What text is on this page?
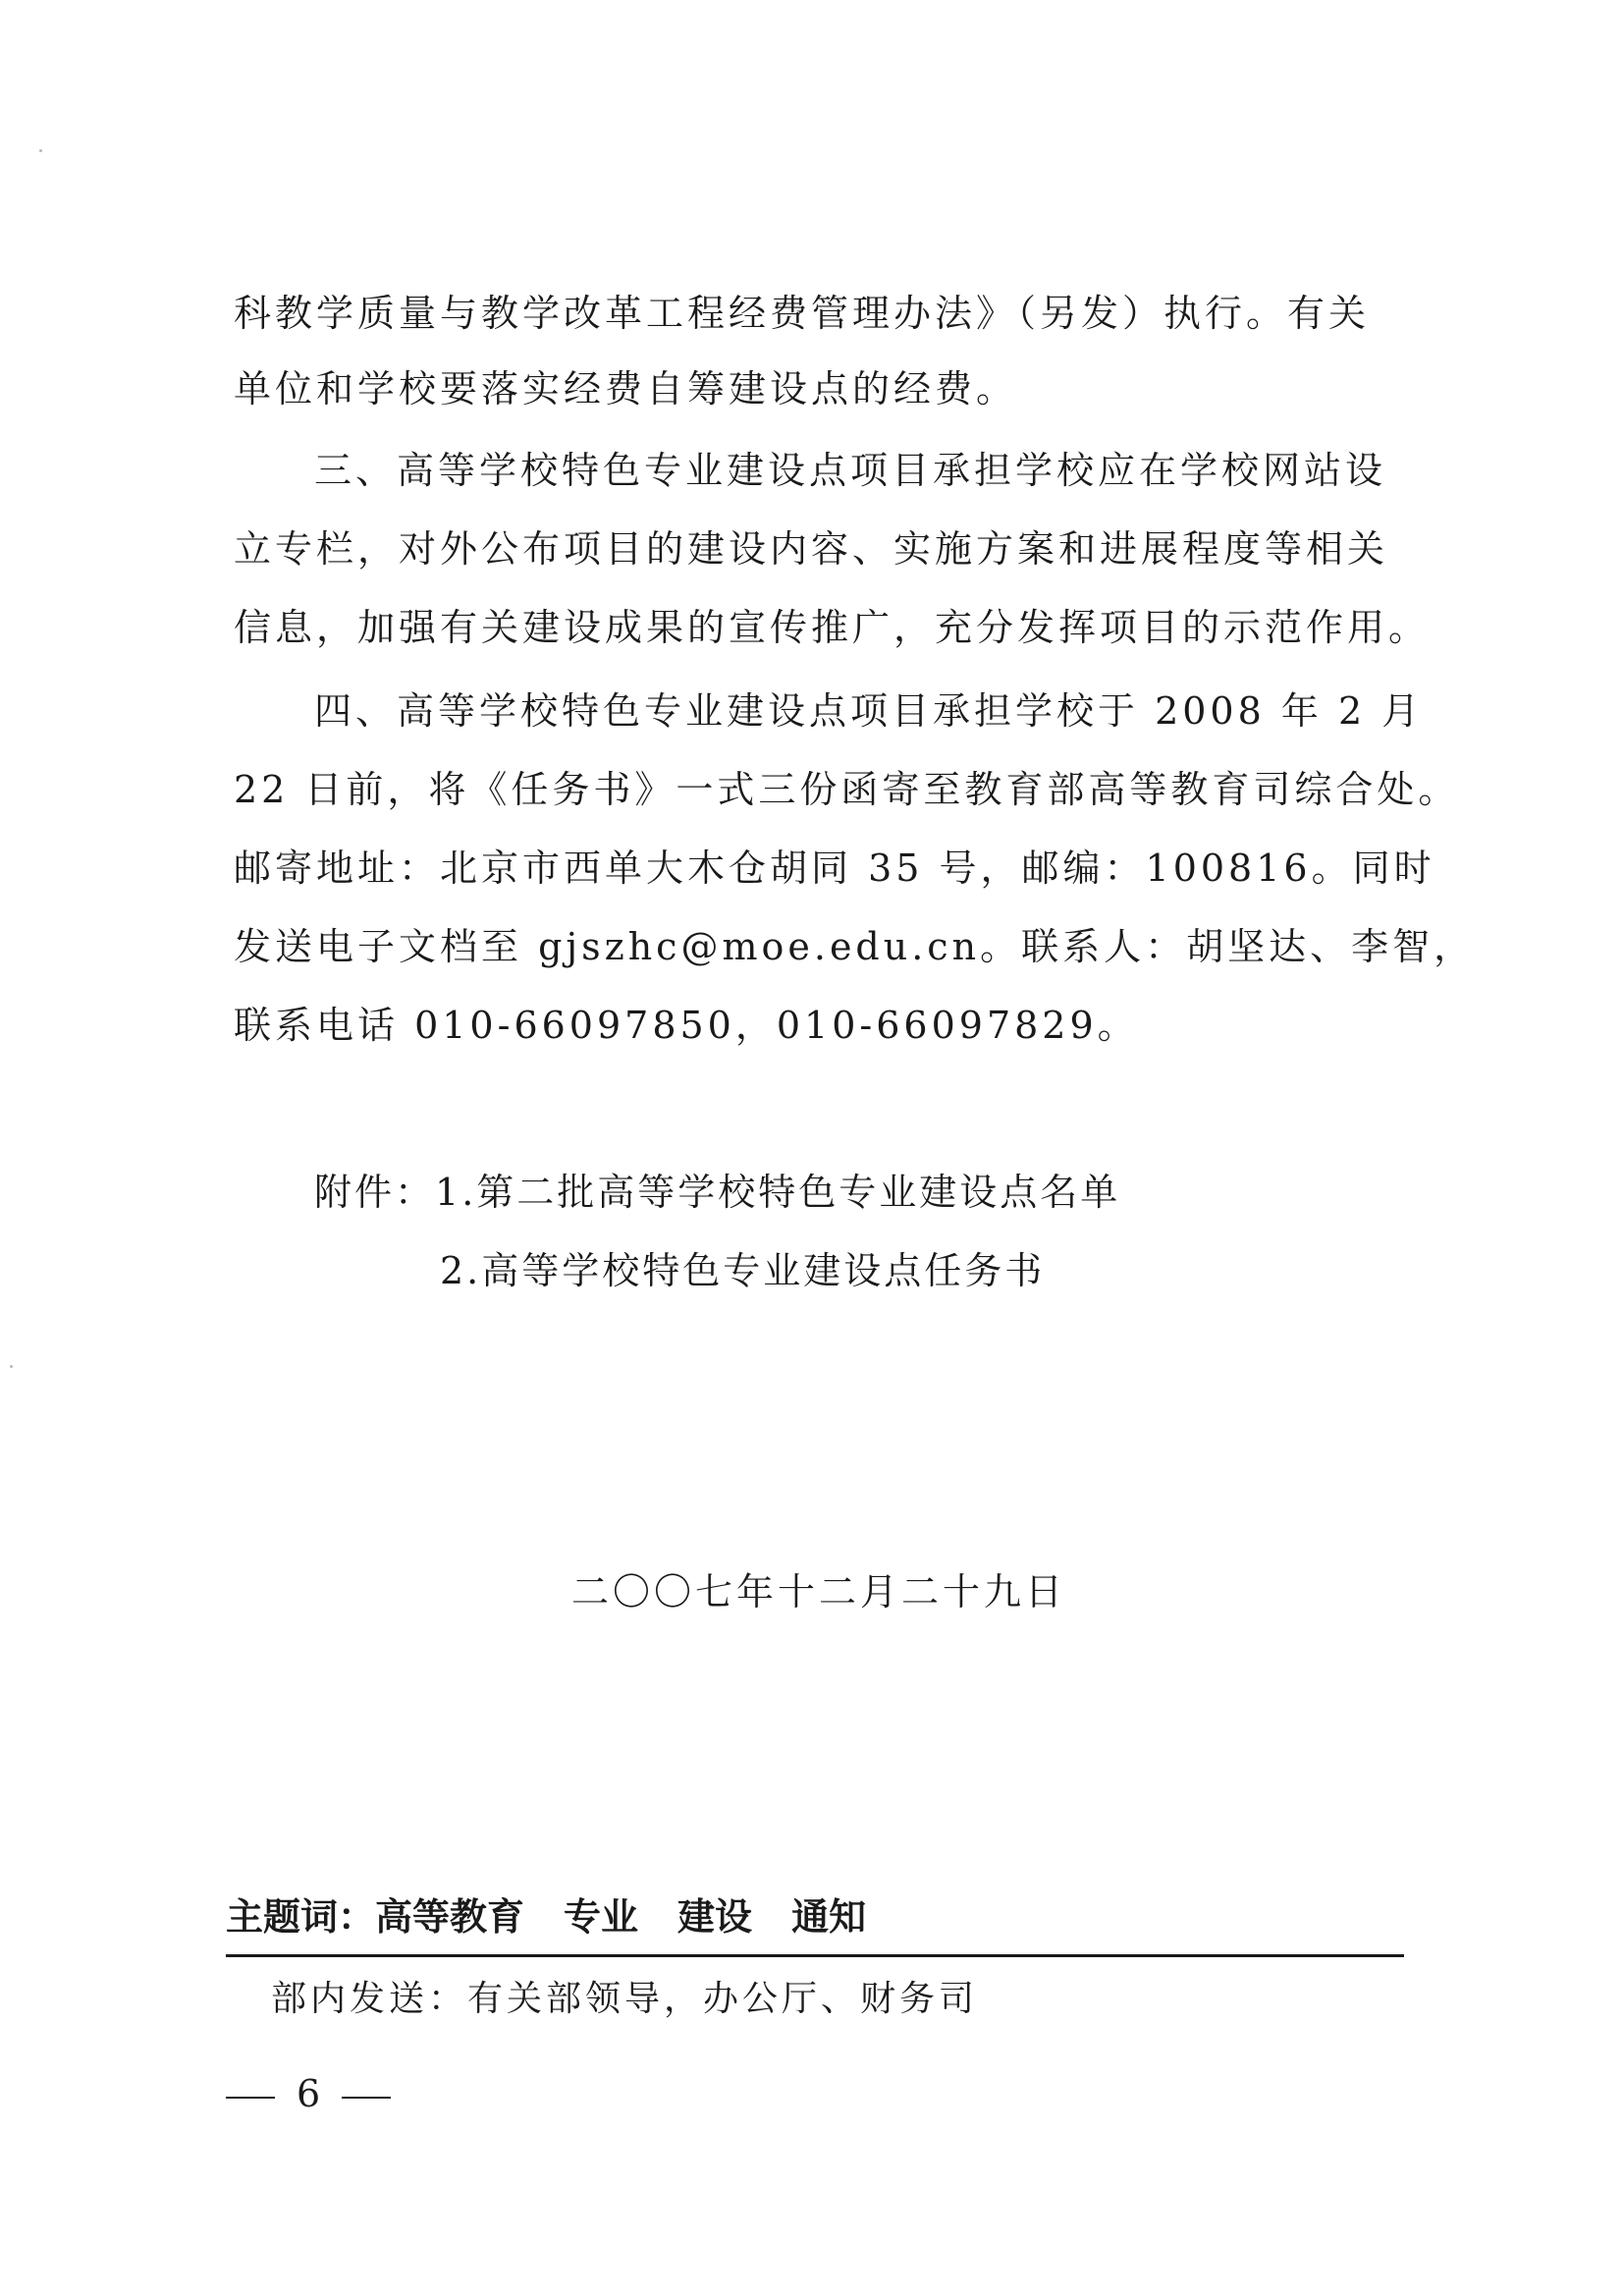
科教学质量与教学改革工程经费管理办法》（另发）执行。有关
单位和学校要落实经费自筹建设点的经费。
三、高等学校特色专业建设点项目承担学校应在学校网站设
立专栏，对外公布项目的建设内容、实施方案和进展程度等相关
信息，加强有关建设成果的宣传推广，充分发挥项目的示范作用。
四、高等学校特色专业建设点项目承担学校于 2008 年 2 月
22 日前，将《任务书》一式三份函寄至教育部高等教育司综合处。
邮寄地址：北京市西单大木仓胡同 35 号，邮编：100816。同时
发送电子文档至 gjszhc@moe.edu.cn。联系人：胡坚达、李智，
联系电话 010-66097850，010-66097829。
附件：1.第二批高等学校特色专业建设点名单
2.高等学校特色专业建设点任务书
二〇〇七年十二月二十九日
主题词：高等教育 专业 建设 通知
部内发送：有关部领导，办公厅、财务司
6
